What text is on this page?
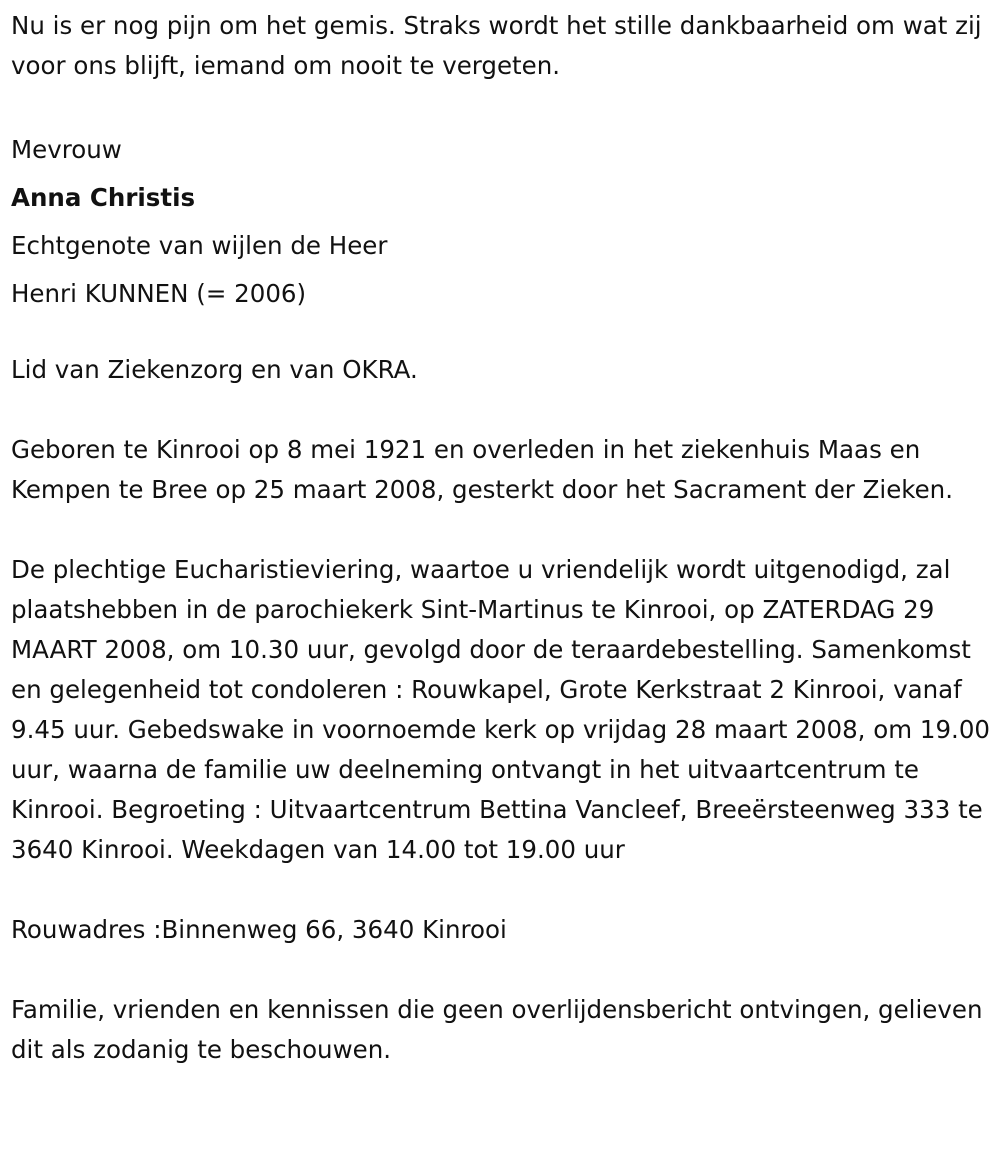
Nu is er nog pijn om het gemis. Straks wordt het stille dankbaarheid om wat zij voor ons blijft, iemand om nooit te vergeten.

Mevrouw
Anna Christis
Echtgenote van wijlen de Heer
Henri KUNNEN (= 2006)

Lid van Ziekenzorg en van OKRA.

Geboren te Kinrooi op 8 mei 1921 en overleden in het ziekenhuis Maas en Kempen te Bree op 25 maart 2008, gesterkt door het Sacrament der Zieken.

De plechtige Eucharistieviering, waartoe u vriendelijk wordt uitgenodigd, zal plaatshebben in de parochiekerk Sint-Martinus te Kinrooi, op ZATERDAG 29 MAART 2008, om 10.30 uur, gevolgd door de teraardebestelling. Samenkomst en gelegenheid tot condoleren : Rouwkapel, Grote Kerkstraat 2 Kinrooi, vanaf 9.45 uur. Gebedswake in voornoemde kerk op vrijdag 28 maart 2008, om 19.00 uur, waarna de familie uw deelneming ontvangt in het uitvaartcentrum te Kinrooi. Begroeting : Uitvaartcentrum Bettina Vancleef, Breeërsteenweg 333 te 3640 Kinrooi. Weekdagen van 14.00 tot 19.00 uur

Rouwadres :Binnenweg 66, 3640 Kinrooi

Familie, vrienden en kennissen die geen overlijdensbericht ontvingen, gelieven dit als zodanig te beschouwen.
